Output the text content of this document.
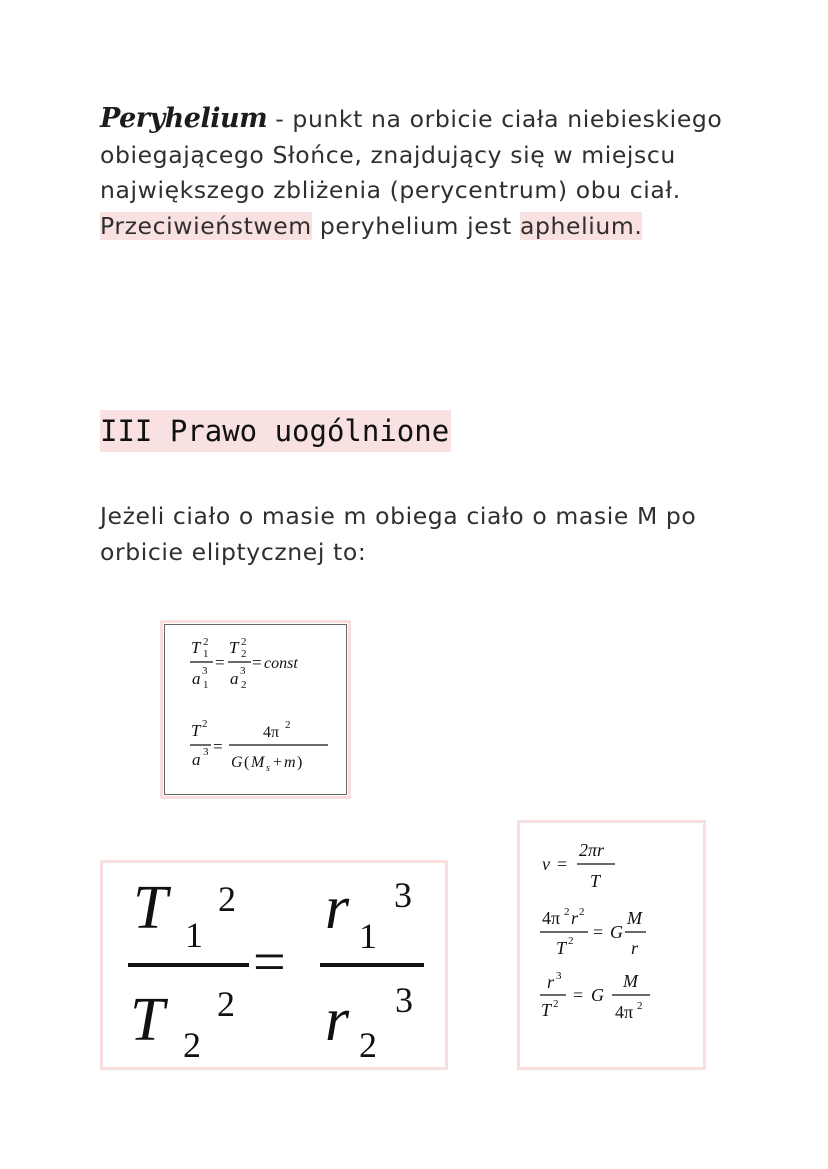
Peryhelium - punkt na orbicie ciała niebieskiego obiegającego Słońce, znajdujący się w miejscu największego zbliżenia (perycentrum) obu ciał. Przeciwieństwem peryhelium jest aphelium.

III Prawo uogólnione

Jeżeli ciało o masie m obiega ciało o masie M po orbicie eliptycznej to:

T 2
1
a 3
1
=
T 2
2
a 3
2
= const
T 2
a 3 =
4π 2
G ( M s + m )
T 1
2
T 2
2
=
r 1
3
r 2
3
v =
2πr
T
4π 2 r 2
T 2 = G
M
r
r 3
T 2 = G
M
4π 2
